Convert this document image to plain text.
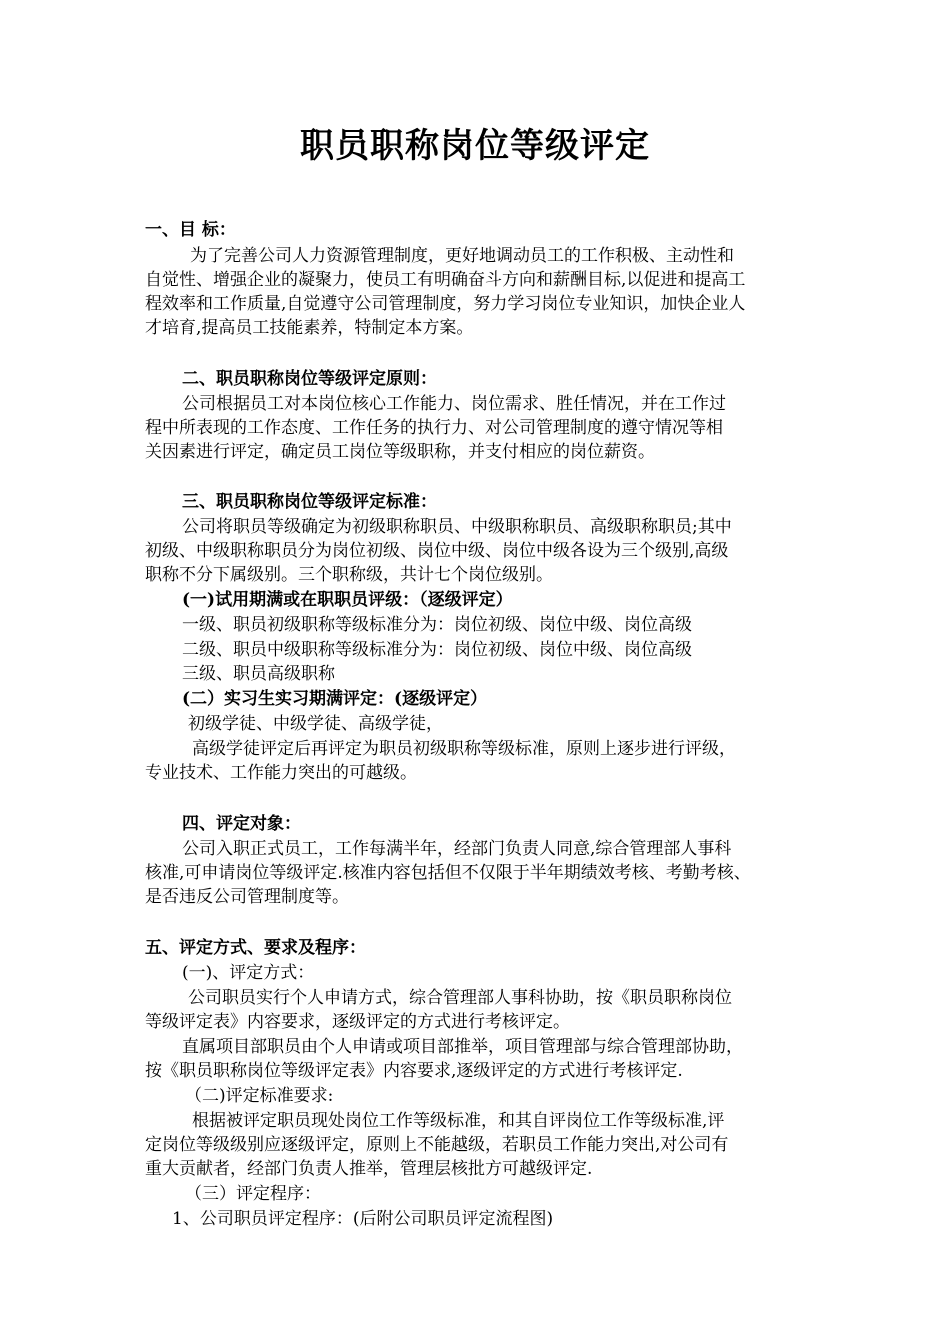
职员职称岗位等级评定

一、目 标：

为了完善公司人力资源管理制度，更好地调动员工的工作积极、主动性和

自觉性、增强企业的凝聚力，使员工有明确奋斗方向和薪酬目标,以促进和提高工

程效率和工作质量,自觉遵守公司管理制度，努力学习岗位专业知识，加快企业人

才培育,提高员工技能素养，特制定本方案。

二、职员职称岗位等级评定原则：

公司根据员工对本岗位核心工作能力、岗位需求、胜任情况，并在工作过

程中所表现的工作态度、工作任务的执行力、对公司管理制度的遵守情况等相

关因素进行评定，确定员工岗位等级职称，并支付相应的岗位薪资。

三、职员职称岗位等级评定标准：

公司将职员等级确定为初级职称职员、中级职称职员、高级职称职员;其中

初级、中级职称职员分为岗位初级、岗位中级、岗位中级各设为三个级别,高级

职称不分下属级别。三个职称级，共计七个岗位级别。

(一)试用期满或在职职员评级：（逐级评定）

一级、职员初级职称等级标准分为：岗位初级、岗位中级、岗位高级

二级、职员中级职称等级标准分为：岗位初级、岗位中级、岗位高级

三级、职员高级职称

(二）实习生实习期满评定：(逐级评定）

初级学徒、中级学徒、高级学徒，

高级学徒评定后再评定为职员初级职称等级标准，原则上逐步进行评级，

专业技术、工作能力突出的可越级。

四、评定对象：

公司入职正式员工，工作每满半年，经部门负责人同意,综合管理部人事科

核准,可申请岗位等级评定.核准内容包括但不仅限于半年期绩效考核、考勤考核、

是否违反公司管理制度等。

五、评定方式、要求及程序：

(一)、评定方式：

公司职员实行个人申请方式，综合管理部人事科协助，按《职员职称岗位

等级评定表》内容要求，逐级评定的方式进行考核评定。

直属项目部职员由个人申请或项目部推举，项目管理部与综合管理部协助，

按《职员职称岗位等级评定表》内容要求,逐级评定的方式进行考核评定.

（二)评定标准要求:

根据被评定职员现处岗位工作等级标准，和其自评岗位工作等级标准,评

定岗位等级级别应逐级评定，原则上不能越级，若职员工作能力突出,对公司有

重大贡献者，经部门负责人推举，管理层核批方可越级评定.

（三）评定程序：

1、公司职员评定程序：(后附公司职员评定流程图)
